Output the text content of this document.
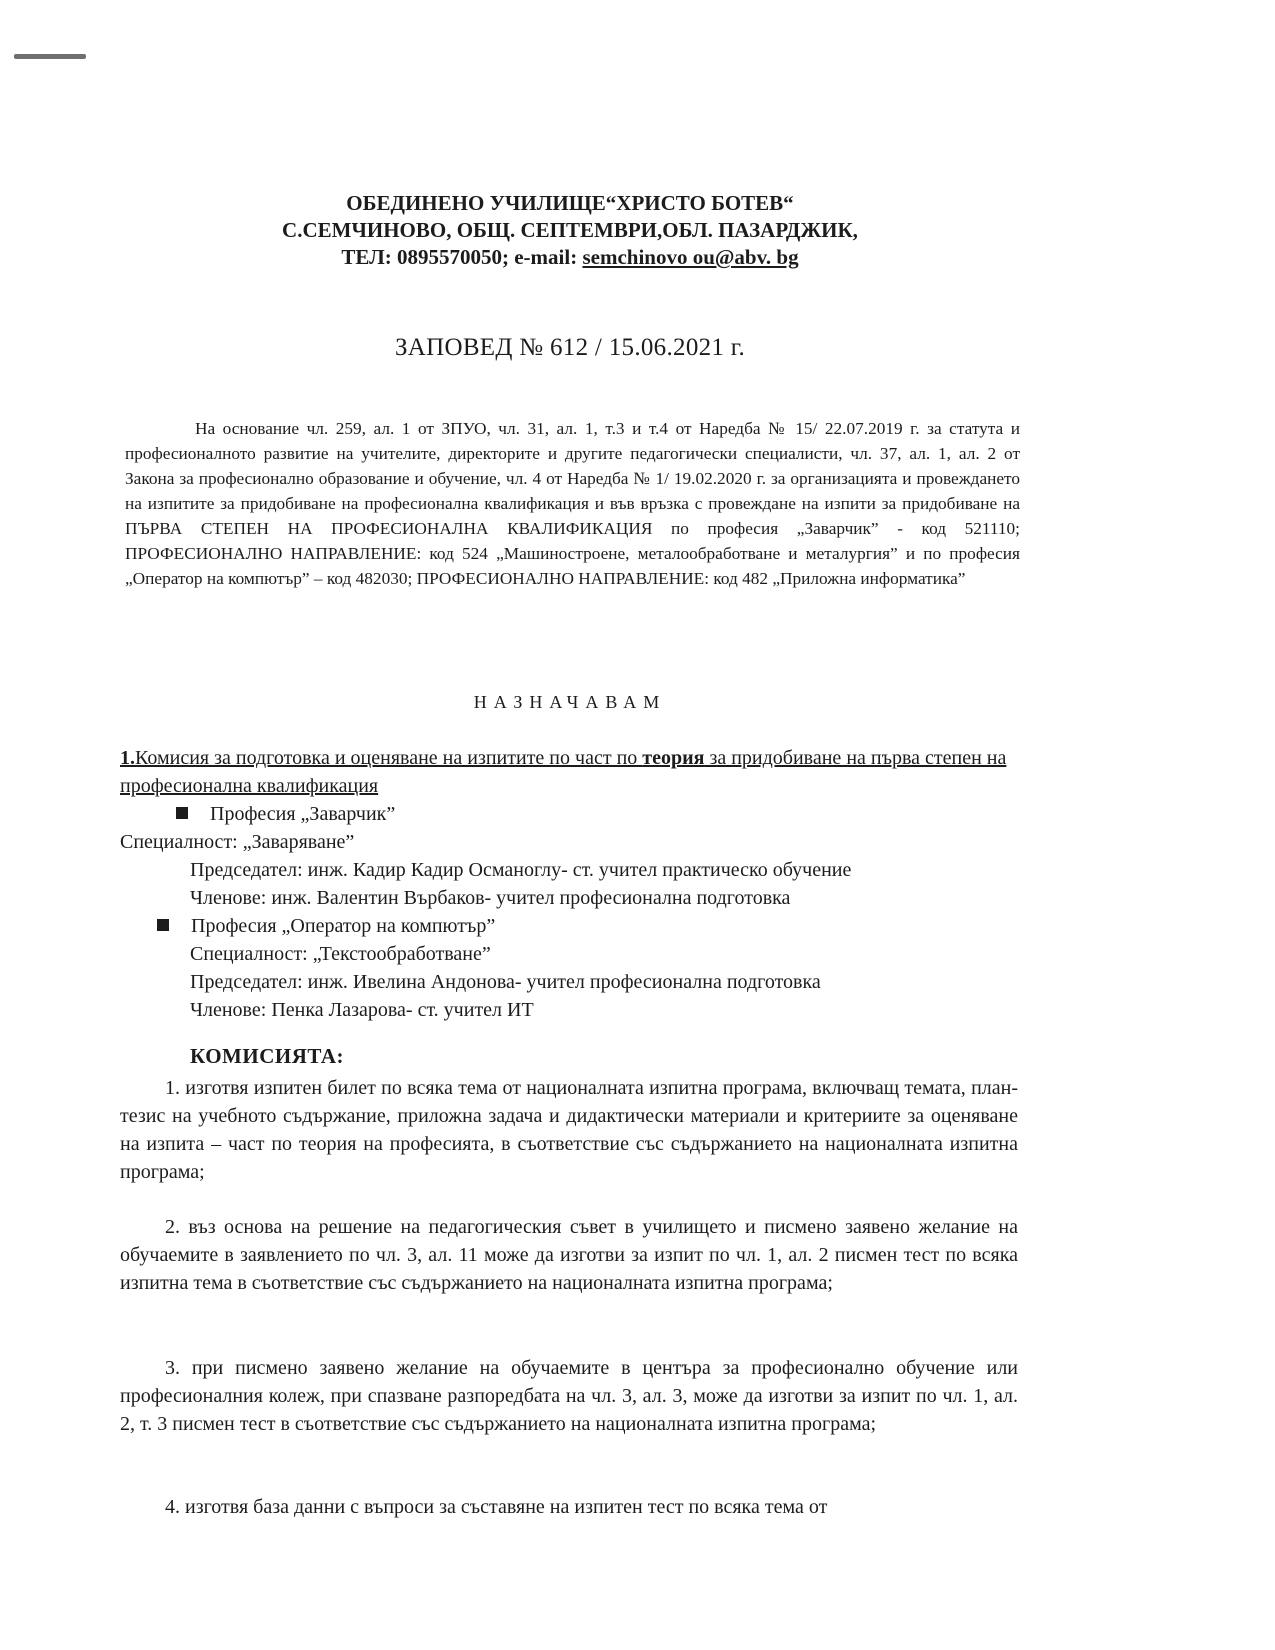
ОБЕДИНЕНО УЧИЛИЩЕ“ХРИСТО БОТЕВ“
С.СЕМЧИНОВО, ОБЩ. СЕПТЕМВРИ,ОБЛ. ПАЗАРДЖИК,
ТЕЛ: 0895570050; e-mail: semchinovo ou@abv. bg
ЗАПОВЕД № 612 / 15.06.2021 г.

На основание чл. 259, ал. 1 от ЗПУО, чл. 31, ал. 1, т.3 и т.4 от Наредба № 15/ 22.07.2019 г. за статута и професионалното развитие на учителите, директорите и другите педагогически специалисти, чл. 37, ал. 1, ал. 2 от Закона за професионално образование и обучение, чл. 4 от Наредба № 1/ 19.02.2020 г. за организацията и провеждането на изпитите за придобиване на професионална квалификация и във връзка с провеждане на изпити за придобиване на ПЪРВА СТЕПЕН НА ПРОФЕСИОНАЛНА КВАЛИФИКАЦИЯ по професия „Заварчик” - код 521110; ПРОФЕСИОНАЛНО НАПРАВЛЕНИЕ: код 524 „Машиностроене, металообработване и металургия” и по професия „Оператор на компютър” – код 482030; ПРОФЕСИОНАЛНО НАПРАВЛЕНИЕ: код 482 „Приложна информатика”

НАЗНАЧАВАМ
1.Комисия за подготовка и оценяване на изпитите по част по теория за придобиване на първа степен на професионална квалификация
Професия „Заварчик”
Специалност: „Заваряване”
Председател: инж. Кадир Кадир Османоглу- ст. учител практическо обучение
Членове: инж. Валентин Върбаков- учител професионална подготовка
Професия „Оператор на компютър”
Специалност: „Текстообработване”
Председател: инж. Ивелина Андонова- учител професионална подготовка
Членове: Пенка Лазарова- ст. учител ИТ
КОМИСИЯТА:

1. изготвя изпитен билет по всяка тема от националната изпитна програма, включващ темата, план-тезис на учебното съдържание, приложна задача и дидактически материали и критериите за оценяване на изпита – част по теория на професията, в съответствие със съдържанието на националната изпитна програма;

2. въз основа на решение на педагогическия съвет в училището и писмено заявено желание на обучаемите в заявлението по чл. 3, ал. 11 може да изготви за изпит по чл. 1, ал. 2 писмен тест по всяка изпитна тема в съответствие със съдържанието на националната изпитна програма;

3. при писмено заявено желание на обучаемите в центъра за професионално обучение или професионалния колеж, при спазване разпоредбата на чл. 3, ал. 3, може да изготви за изпит по чл. 1, ал. 2, т. 3 писмен тест в съответствие със съдържанието на националната изпитна програма;

4. изготвя база данни с въпроси за съставяне на изпитен тест по всяка тема от
